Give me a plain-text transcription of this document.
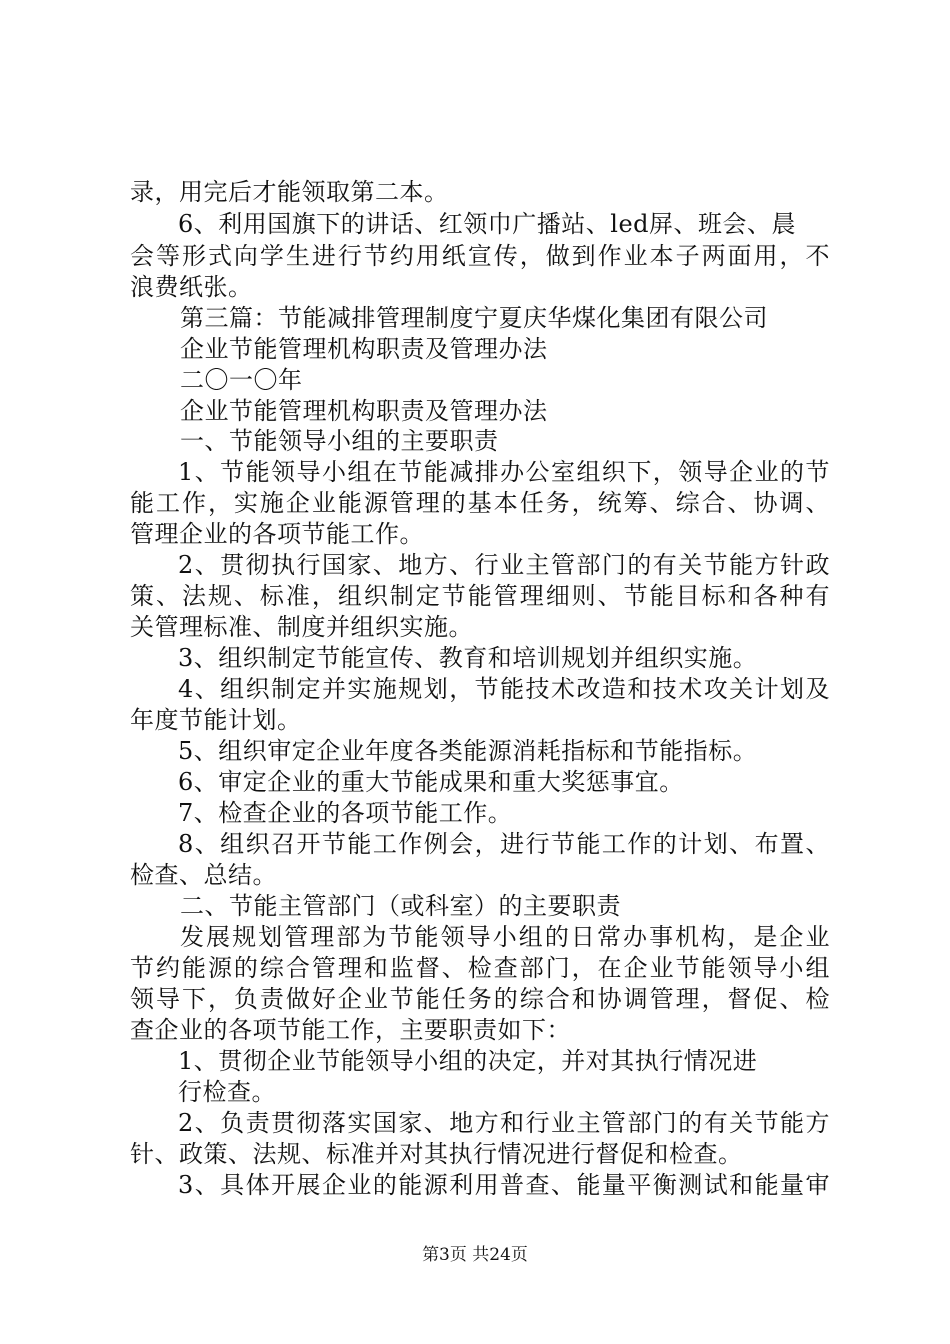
录，用完后才能领取第二本。
6、利用国旗下的讲话、红领巾广播站、led屏、班会、晨
会等形式向学生进行节约用纸宣传，做到作业本子两面用，不
浪费纸张。
第三篇：节能减排管理制度宁夏庆华煤化集团有限公司
企业节能管理机构职责及管理办法
二〇一〇年
企业节能管理机构职责及管理办法
一、节能领导小组的主要职责
1、节能领导小组在节能减排办公室组织下，领导企业的节
能工作，实施企业能源管理的基本任务，统筹、综合、协调、
管理企业的各项节能工作。
2、贯彻执行国家、地方、行业主管部门的有关节能方针政
策、法规、标准，组织制定节能管理细则、节能目标和各种有
关管理标准、制度并组织实施。
3、组织制定节能宣传、教育和培训规划并组织实施。
4、组织制定并实施规划，节能技术改造和技术攻关计划及
年度节能计划。
5、组织审定企业年度各类能源消耗指标和节能指标。
6、审定企业的重大节能成果和重大奖惩事宜。
7、检查企业的各项节能工作。
8、组织召开节能工作例会，进行节能工作的计划、布置、
检查、总结。
二、节能主管部门（或科室）的主要职责
发展规划管理部为节能领导小组的日常办事机构，是企业
节约能源的综合管理和监督、检查部门，在企业节能领导小组
领导下，负责做好企业节能任务的综合和协调管理，督促、检
查企业的各项节能工作，主要职责如下：
1、贯彻企业节能领导小组的决定，并对其执行情况进
行检查。
2、负责贯彻落实国家、地方和行业主管部门的有关节能方
针、政策、法规、标准并对其执行情况进行督促和检查。
3、具体开展企业的能源利用普查、能量平衡测试和能量审
第3页 共24页
